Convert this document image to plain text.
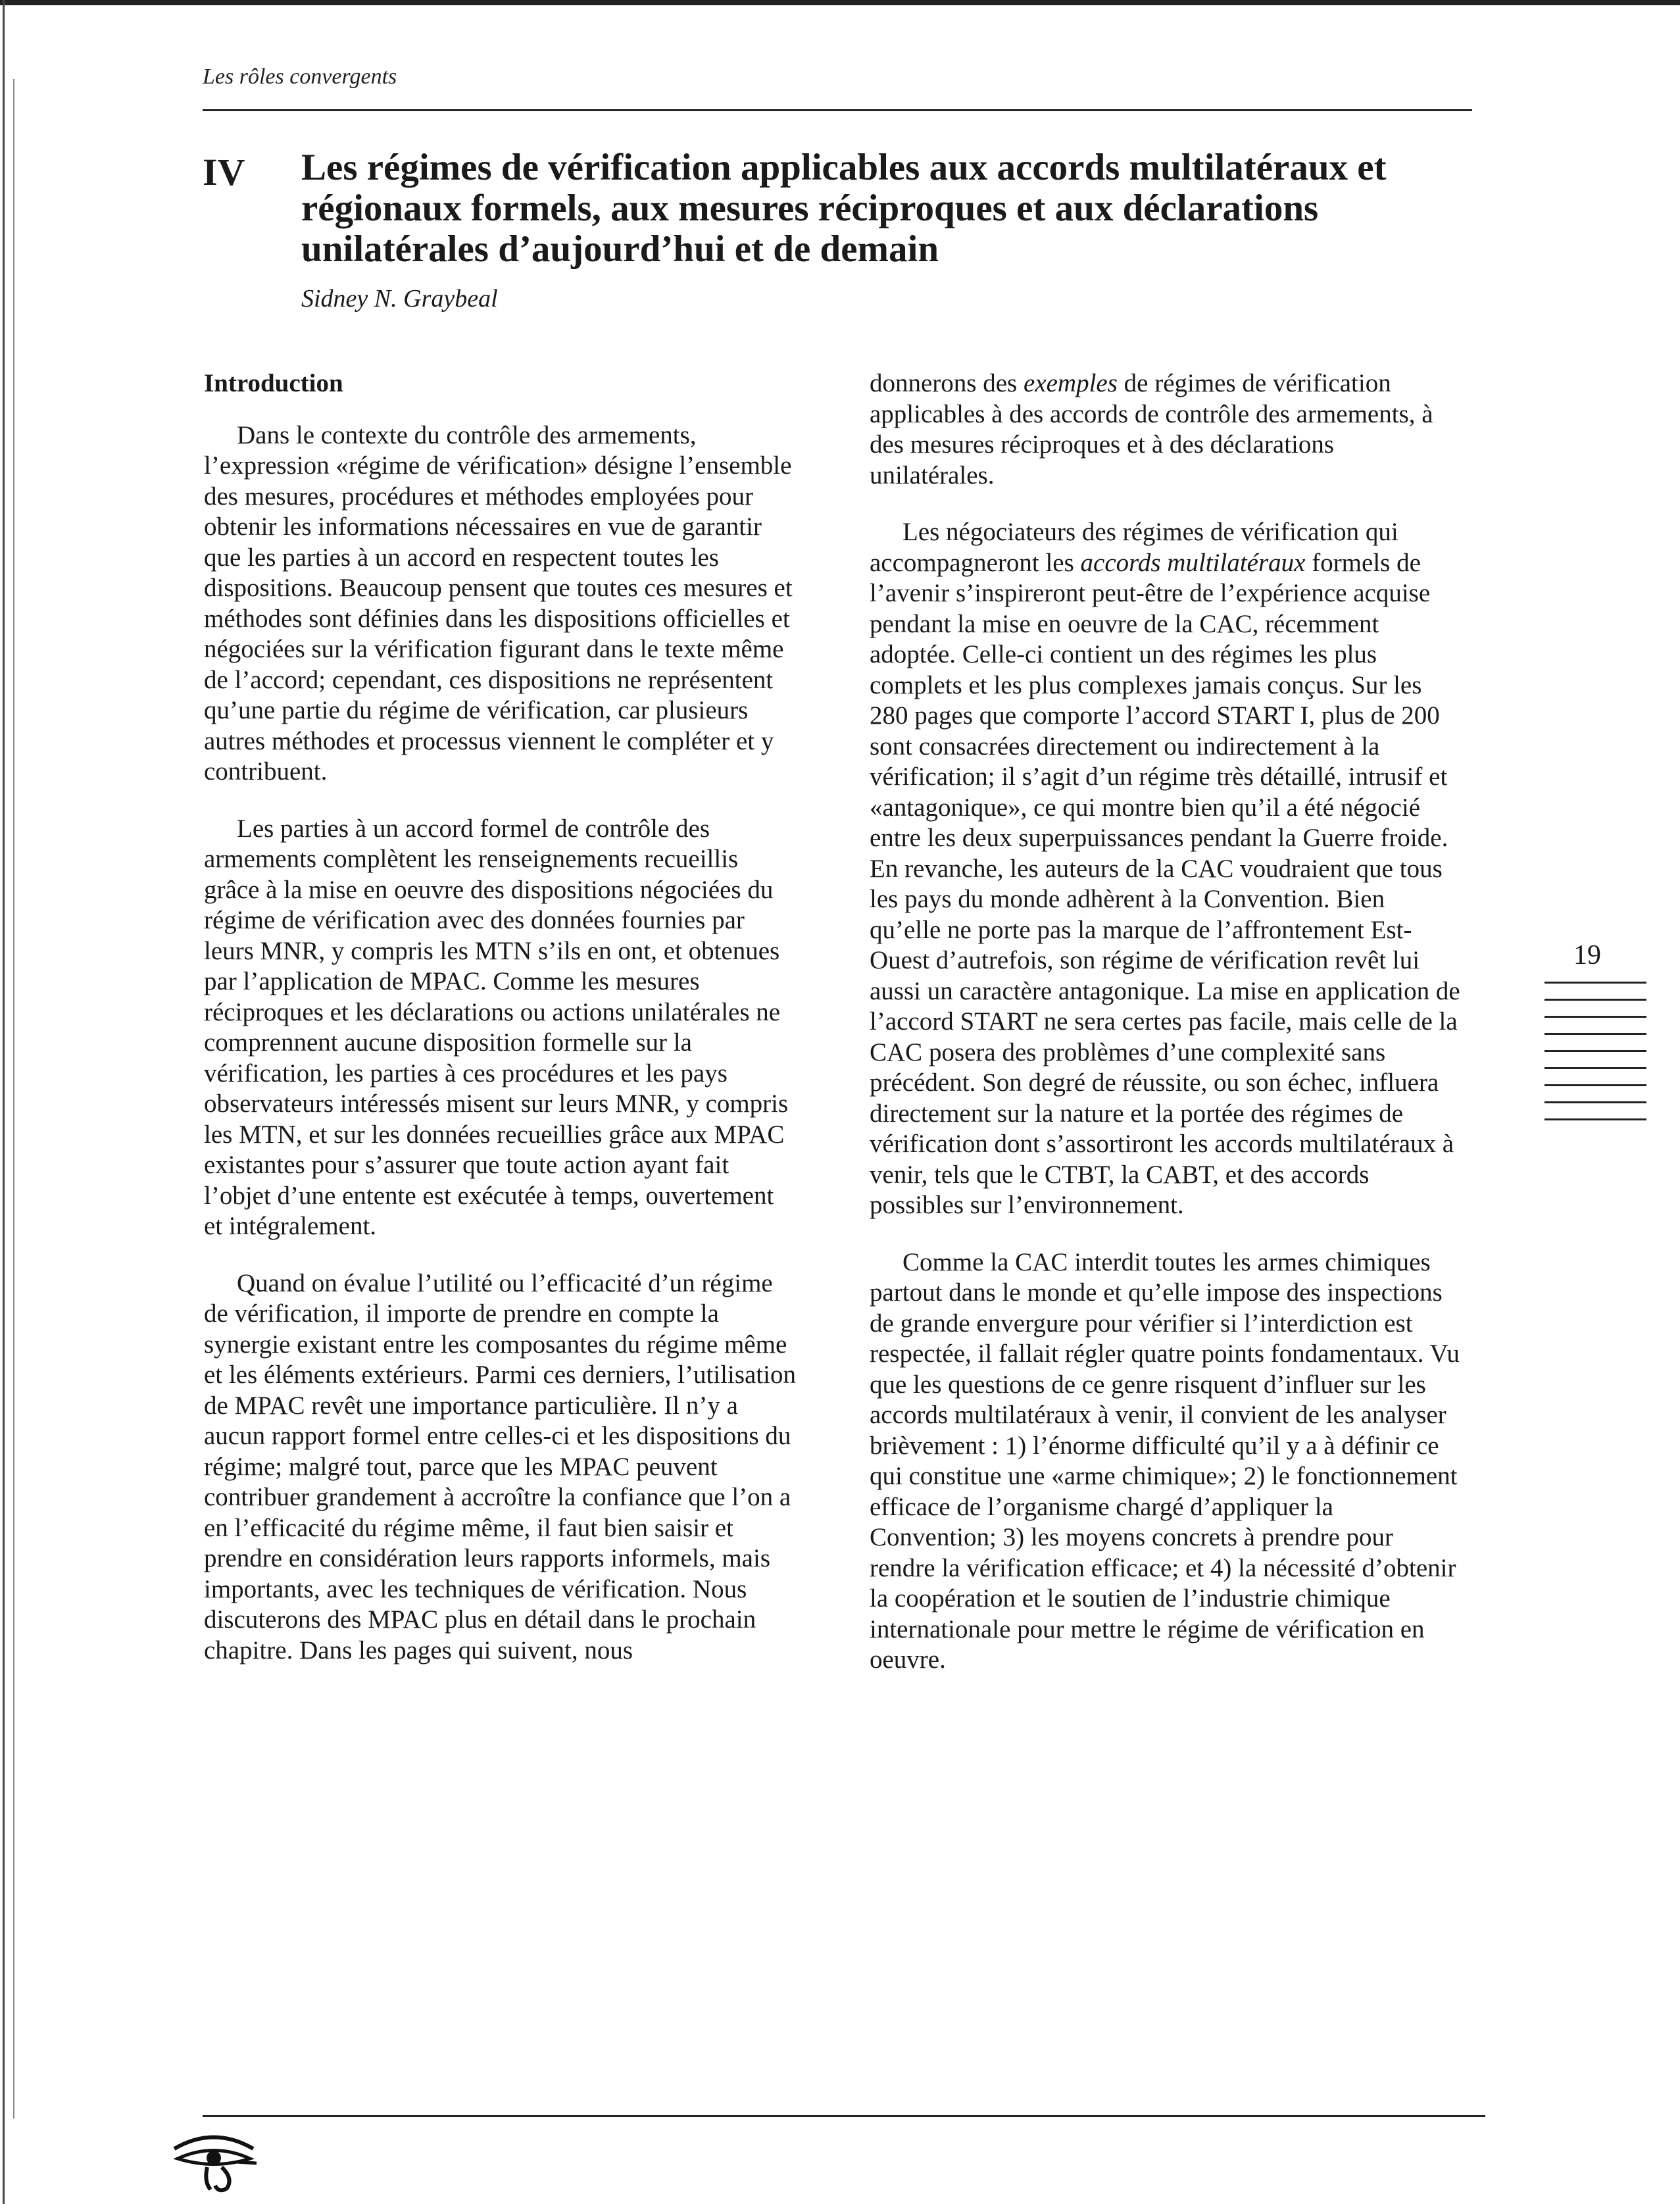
Les rôles convergents
IV Les régimes de vérification applicables aux accords multilatéraux et régionaux formels, aux mesures réciproques et aux déclarations unilatérales d’aujourd’hui et de demain
Sidney N. Graybeal
Introduction

Dans le contexte du contrôle des armements, l’expression «régime de vérification» désigne l’ensemble des mesures, procédures et méthodes employées pour obtenir les informations nécessaires en vue de garantir que les parties à un accord en respectent toutes les dispositions. Beaucoup pensent que toutes ces mesures et méthodes sont définies dans les dispositions officielles et négociées sur la vérification figurant dans le texte même de l’accord; cependant, ces dispositions ne représentent qu’une partie du régime de vérification, car plusieurs autres méthodes et processus viennent le compléter et y contribuent.

Les parties à un accord formel de contrôle des armements complètent les renseignements recueillis grâce à la mise en oeuvre des dispositions négociées du régime de vérification avec des données fournies par leurs MNR, y compris les MTN s’ils en ont, et obtenues par l’application de MPAC. Comme les mesures réciproques et les déclarations ou actions unilatérales ne comprennent aucune disposition formelle sur la vérification, les parties à ces procédures et les pays observateurs intéressés misent sur leurs MNR, y compris les MTN, et sur les données recueillies grâce aux MPAC existantes pour s’assurer que toute action ayant fait l’objet d’une entente est exécutée à temps, ouvertement et intégralement.

Quand on évalue l’utilité ou l’efficacité d’un régime de vérification, il importe de prendre en compte la synergie existant entre les composantes du régime même et les éléments extérieurs. Parmi ces derniers, l’utilisation de MPAC revêt une importance particulière. Il n’y a aucun rapport formel entre celles-ci et les dispositions du régime; malgré tout, parce que les MPAC peuvent contribuer grandement à accroître la confiance que l’on a en l’efficacité du régime même, il faut bien saisir et prendre en considération leurs rapports informels, mais importants, avec les techniques de vérification. Nous discuterons des MPAC plus en détail dans le prochain chapitre. Dans les pages qui suivent, nous

donnerons des exemples de régimes de vérification applicables à des accords de contrôle des armements, à des mesures réciproques et à des déclarations unilatérales.

Les négociateurs des régimes de vérification qui accompagneront les accords multilatéraux formels de l’avenir s’inspireront peut-être de l’expérience acquise pendant la mise en oeuvre de la CAC, récemment adoptée. Celle-ci contient un des régimes les plus complets et les plus complexes jamais conçus. Sur les 280 pages que comporte l’accord START I, plus de 200 sont consacrées directement ou indirectement à la vérification; il s’agit d’un régime très détaillé, intrusif et «antagonique», ce qui montre bien qu’il a été négocié entre les deux superpuissances pendant la Guerre froide. En revanche, les auteurs de la CAC voudraient que tous les pays du monde adhèrent à la Convention. Bien qu’elle ne porte pas la marque de l’affrontement Est-Ouest d’autrefois, son régime de vérification revêt lui aussi un caractère antagonique. La mise en application de l’accord START ne sera certes pas facile, mais celle de la CAC posera des problèmes d’une complexité sans précédent. Son degré de réussite, ou son échec, influera directement sur la nature et la portée des régimes de vérification dont s’assortiront les accords multilatéraux à venir, tels que le CTBT, la CABT, et des accords possibles sur l’environnement.

Comme la CAC interdit toutes les armes chimiques partout dans le monde et qu’elle impose des inspections de grande envergure pour vérifier si l’interdiction est respectée, il fallait régler quatre points fondamentaux. Vu que les questions de ce genre risquent d’influer sur les accords multilatéraux à venir, il convient de les analyser brièvement : 1) l’énorme difficulté qu’il y a à définir ce qui constitue une «arme chimique»; 2) le fonctionnement efficace de l’organisme chargé d’appliquer la Convention; 3) les moyens concrets à prendre pour rendre la vérification efficace; et 4) la nécessité d’obtenir la coopération et le soutien de l’industrie chimique internationale pour mettre le régime de vérification en oeuvre.

19
